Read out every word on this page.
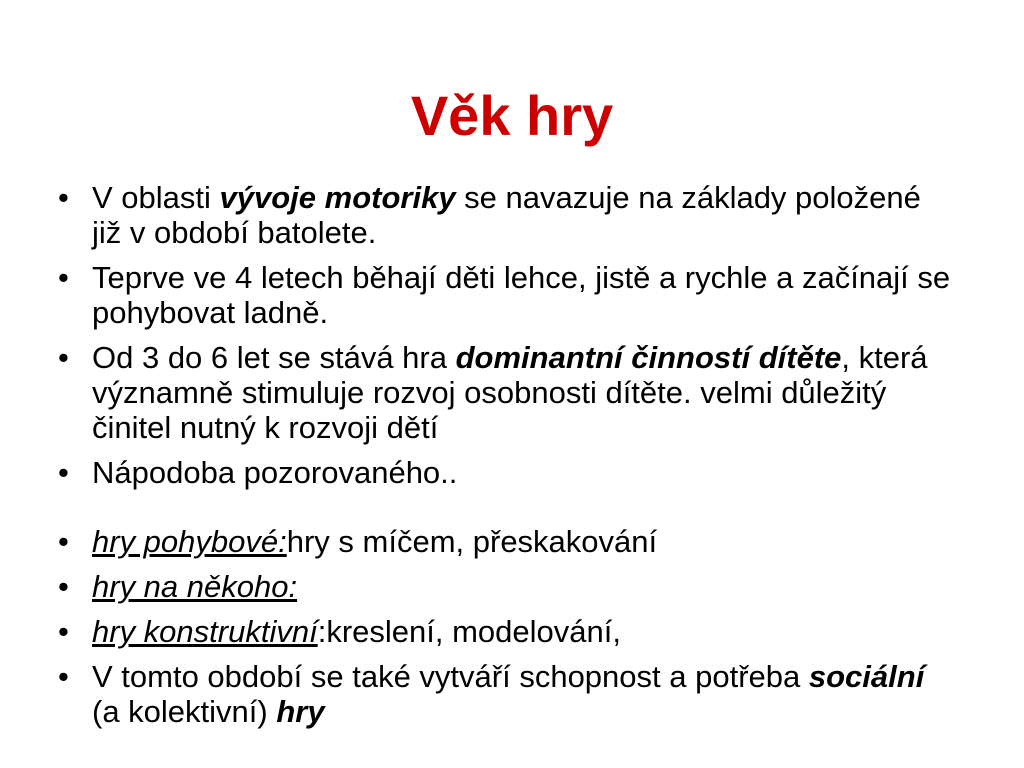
Věk hry
• V oblasti vývoje motoriky se navazuje na základy položené již v období batolete.
• Teprve ve 4 letech běhají děti lehce, jistě a rychle a začínají se pohybovat ladně.
• Od 3 do 6 let se stává hra dominantní činností dítěte, která významně stimuluje rozvoj osobnosti dítěte. velmi důležitý činitel nutný k rozvoji dětí
• Nápodoba pozorovaného..
• hry pohybové:hry s míčem, přeskakování
• hry na někoho:
• hry konstruktivní:kreslení, modelování,
• V tomto období se také vytváří schopnost a potřeba sociální (a kolektivní) hry
